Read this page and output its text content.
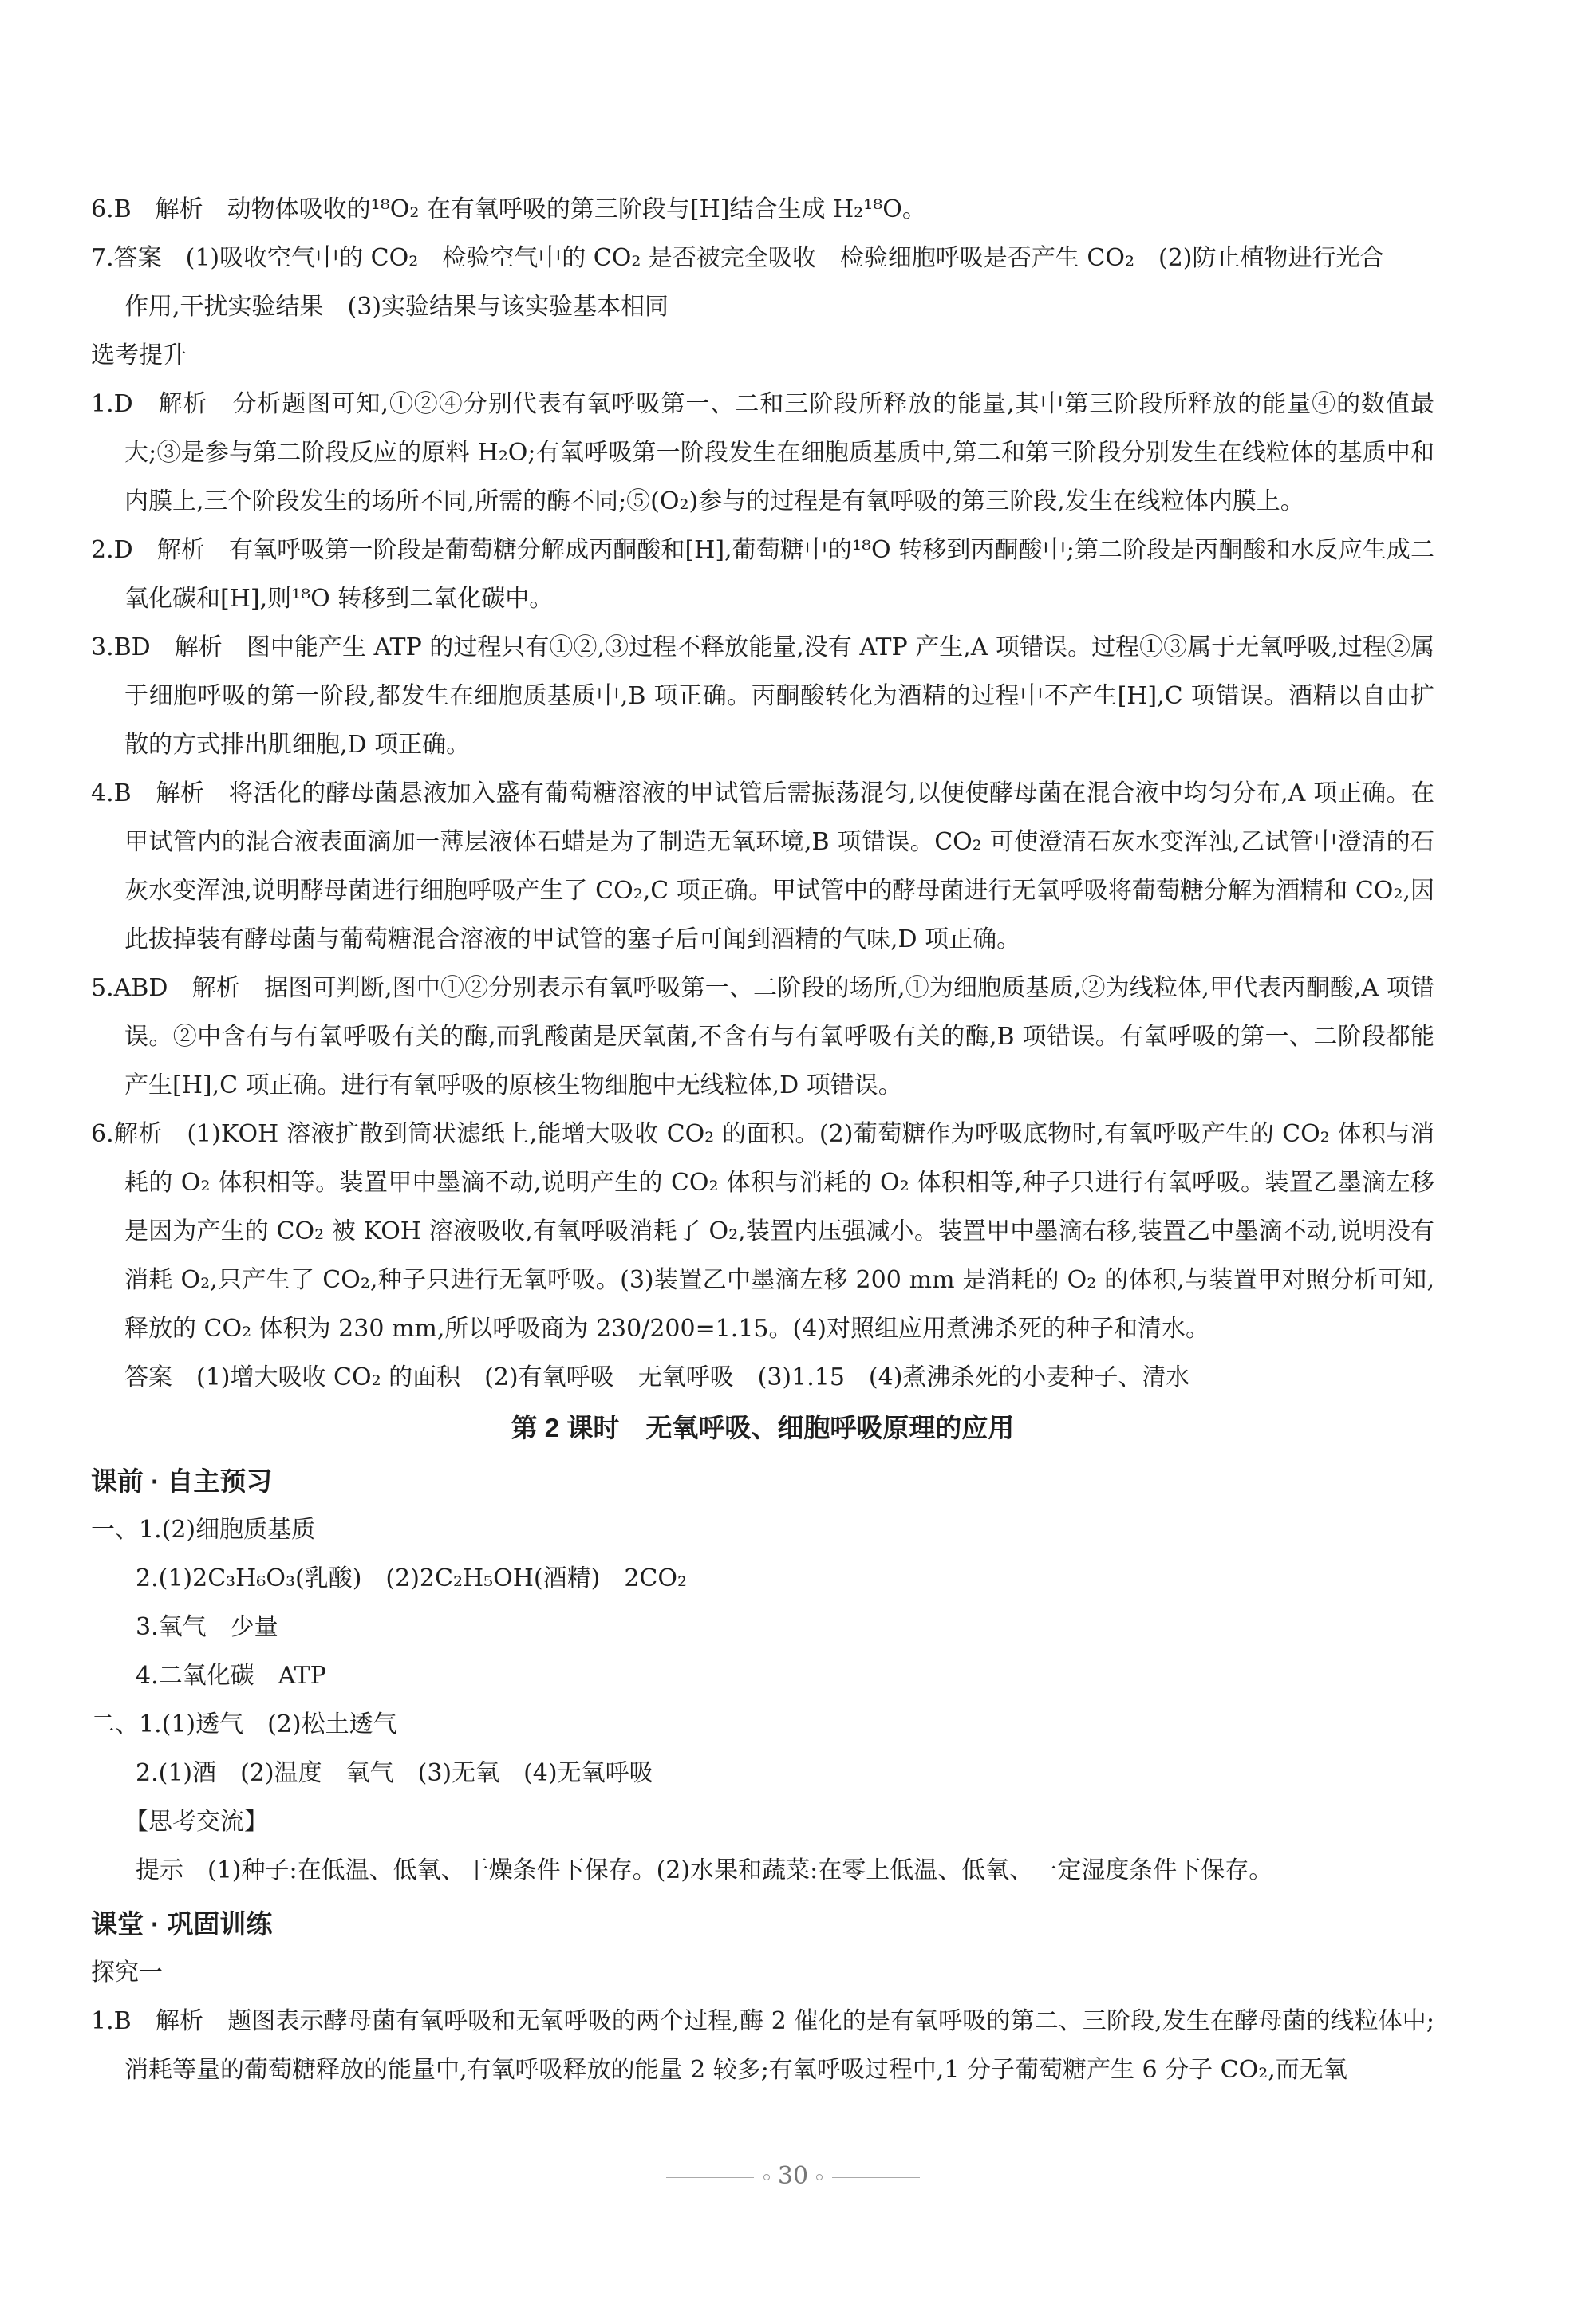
6.B　解析　动物体吸收的¹⁸O₂ 在有氧呼吸的第三阶段与[H]结合生成 H₂¹⁸O。
7.答案　(1)吸收空气中的 CO₂　检验空气中的 CO₂ 是否被完全吸收　检验细胞呼吸是否产生 CO₂　(2)防止植物进行光合
作用,干扰实验结果　(3)实验结果与该实验基本相同
选考提升
1.D　解析　分析题图可知,①②④分别代表有氧呼吸第一、二和三阶段所释放的能量,其中第三阶段所释放的能量④的数值最大;③是参与第二阶段反应的原料 H₂O;有氧呼吸第一阶段发生在细胞质基质中,第二和第三阶段分别发生在线粒体的基质中和内膜上,三个阶段发生的场所不同,所需的酶不同;⑤(O₂)参与的过程是有氧呼吸的第三阶段,发生在线粒体内膜上。
2.D　解析　有氧呼吸第一阶段是葡萄糖分解成丙酮酸和[H],葡萄糖中的¹⁸O 转移到丙酮酸中;第二阶段是丙酮酸和水反应生成二氧化碳和[H],则¹⁸O 转移到二氧化碳中。
3.BD　解析　图中能产生 ATP 的过程只有①②,③过程不释放能量,没有 ATP 产生,A 项错误。过程①③属于无氧呼吸,过程②属于细胞呼吸的第一阶段,都发生在细胞质基质中,B 项正确。丙酮酸转化为酒精的过程中不产生[H],C 项错误。酒精以自由扩散的方式排出肌细胞,D 项正确。
4.B　解析　将活化的酵母菌悬液加入盛有葡萄糖溶液的甲试管后需振荡混匀,以便使酵母菌在混合液中均匀分布,A 项正确。在甲试管内的混合液表面滴加一薄层液体石蜡是为了制造无氧环境,B 项错误。CO₂ 可使澄清石灰水变浑浊,乙试管中澄清的石灰水变浑浊,说明酵母菌进行细胞呼吸产生了 CO₂,C 项正确。甲试管中的酵母菌进行无氧呼吸将葡萄糖分解为酒精和 CO₂,因此拔掉装有酵母菌与葡萄糖混合溶液的甲试管的塞子后可闻到酒精的气味,D 项正确。
5.ABD　解析　据图可判断,图中①②分别表示有氧呼吸第一、二阶段的场所,①为细胞质基质,②为线粒体,甲代表丙酮酸,A 项错误。②中含有与有氧呼吸有关的酶,而乳酸菌是厌氧菌,不含有与有氧呼吸有关的酶,B 项错误。有氧呼吸的第一、二阶段都能产生[H],C 项正确。进行有氧呼吸的原核生物细胞中无线粒体,D 项错误。
6.解析　(1)KOH 溶液扩散到筒状滤纸上,能增大吸收 CO₂ 的面积。(2)葡萄糖作为呼吸底物时,有氧呼吸产生的 CO₂ 体积与消耗的 O₂ 体积相等。装置甲中墨滴不动,说明产生的 CO₂ 体积与消耗的 O₂ 体积相等,种子只进行有氧呼吸。装置乙墨滴左移是因为产生的 CO₂ 被 KOH 溶液吸收,有氧呼吸消耗了 O₂,装置内压强减小。装置甲中墨滴右移,装置乙中墨滴不动,说明没有消耗 O₂,只产生了 CO₂,种子只进行无氧呼吸。(3)装置乙中墨滴左移 200 mm 是消耗的 O₂ 的体积,与装置甲对照分析可知,释放的 CO₂ 体积为 230 mm,所以呼吸商为 230/200=1.15。(4)对照组应用煮沸杀死的种子和清水。
答案　(1)增大吸收 CO₂ 的面积　(2)有氧呼吸　无氧呼吸　(3)1.15　(4)煮沸杀死的小麦种子、清水
第 2 课时　无氧呼吸、细胞呼吸原理的应用
课前 · 自主预习
一、1.(2)细胞质基质
2.(1)2C₃H₆O₃(乳酸)　(2)2C₂H₅OH(酒精)　2CO₂
3.氧气　少量
4.二氧化碳　ATP
二、1.(1)透气　(2)松土透气
2.(1)酒　(2)温度　氧气　(3)无氧　(4)无氧呼吸
【思考交流】
提示　(1)种子:在低温、低氧、干燥条件下保存。(2)水果和蔬菜:在零上低温、低氧、一定湿度条件下保存。
课堂 · 巩固训练
探究一
1.B　解析　题图表示酵母菌有氧呼吸和无氧呼吸的两个过程,酶 2 催化的是有氧呼吸的第二、三阶段,发生在酵母菌的线粒体中;消耗等量的葡萄糖释放的能量中,有氧呼吸释放的能量 2 较多;有氧呼吸过程中,1 分子葡萄糖产生 6 分子 CO₂,而无氧
30
